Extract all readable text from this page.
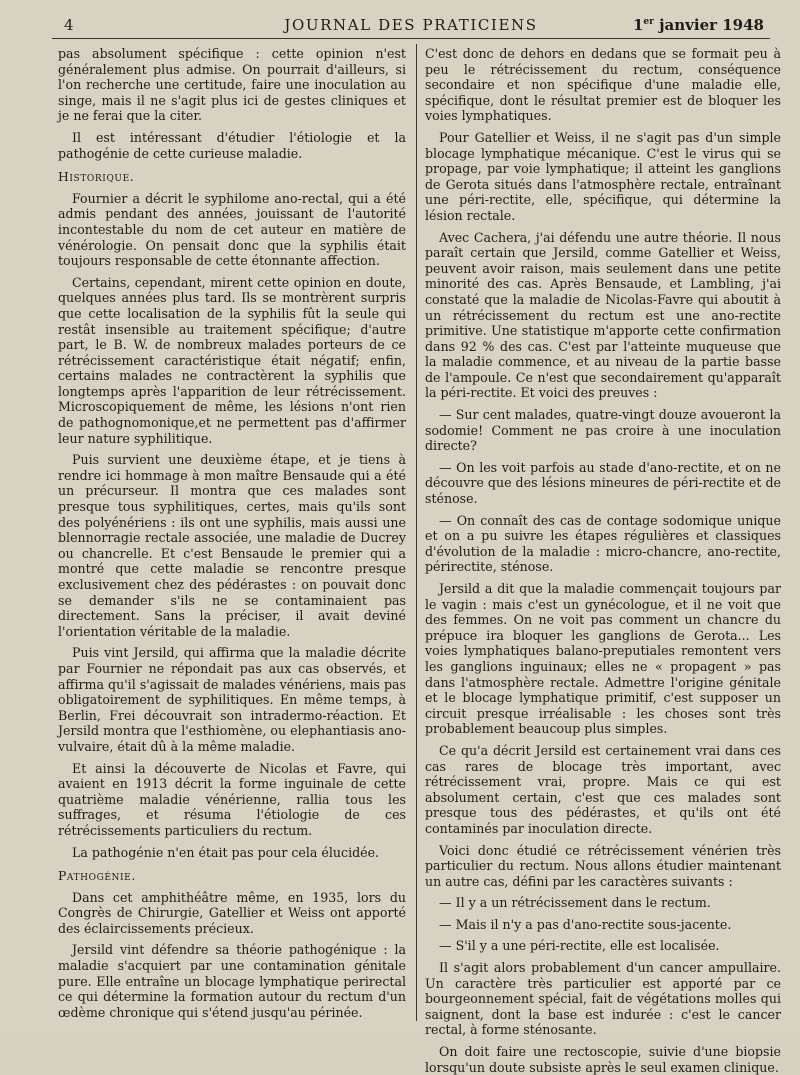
4	JOURNAL DES PRATICIENS	1er janvier 1948

pas absolument spécifique : cette opinion n'est généralement plus admise. On pourrait d'ailleurs, si l'on recherche une certitude, faire une inoculation au singe, mais il ne s'agit plus ici de gestes cliniques et je ne ferai que la citer.

Il est intéressant d'étudier l'étiologie et la pathogénie de cette curieuse maladie.

Historique.

Fournier a décrit le syphilome ano-rectal, qui a été admis pendant des années, jouissant de l'autorité incontestable du nom de cet auteur en matière de vénérologie. On pensait donc que la syphilis était toujours responsable de cette étonnante affection.

Certains, cependant, mirent cette opinion en doute, quelques années plus tard. Ils se montrèrent surpris que cette localisation de la syphilis fût la seule qui restât insensible au traitement spécifique; d'autre part, le B. W. de nombreux malades porteurs de ce rétrécissement caractéristique était négatif; enfin, certains malades ne contractèrent la syphilis que longtemps après l'apparition de leur rétrécissement. Microscopiquement de même, les lésions n'ont rien de pathognomonique,et ne permettent pas d'affirmer leur nature syphilitique.

Puis survient une deuxième étape, et je tiens à rendre ici hommage à mon maître Bensaude qui a été un précurseur. Il montra que ces malades sont presque tous syphilitiques, certes, mais qu'ils sont des polyénériens : ils ont une syphilis, mais aussi une blennorragie rectale associée, une maladie de Ducrey ou chancrelle. Et c'est Bensaude le premier qui a montré que cette maladie se rencontre presque exclusivement chez des pédérastes : on pouvait donc se demander s'ils ne se contaminaient pas directement. Sans la préciser, il avait deviné l'orientation véritable de la maladie.

Puis vint Jersild, qui affirma que la maladie décrite par Fournier ne répondait pas aux cas observés, et affirma qu'il s'agissait de malades vénériens, mais pas obligatoirement de syphilitiques. En même temps, à Berlin, Frei découvrait son intradermo-réaction. Et Jersild montra que l'esthiomène, ou elephantiasis ano-vulvaire, était dû à la même maladie.

Et ainsi la découverte de Nicolas et Favre, qui avaient en 1913 décrit la forme inguinale de cette quatrième maladie vénérienne, rallia tous les suffrages, et résuma l'étiologie de ces rétrécissements particuliers du rectum.

La pathogénie n'en était pas pour cela élucidée.

Pathogénie.

Dans cet amphithéâtre même, en 1935, lors du Congrès de Chirurgie, Gatellier et Weiss ont apporté des éclaircissements précieux.

Jersild vint défendre sa théorie pathogénique : la maladie s'acquiert par une contamination génitale pure. Elle entraîne un blocage lymphatique perirectal ce qui détermine la formation autour du rectum d'un œdème chronique qui s'étend jusqu'au périnée.

C'est donc de dehors en dedans que se formait peu à peu le rétrécissement du rectum, conséquence secondaire et non spécifique d'une maladie elle, spécifique, dont le résultat premier est de bloquer les voies lymphatiques.

Pour Gatellier et Weiss, il ne s'agit pas d'un simple blocage lymphatique mécanique. C'est le virus qui se propage, par voie lymphatique; il atteint les ganglions de Gerota situés dans l'atmosphère rectale, entraînant une péri-rectite, elle, spécifique, qui détermine la lésion rectale.

Avec Cachera, j'ai défendu une autre théorie. Il nous paraît certain que Jersild, comme Gatellier et Weiss, peuvent avoir raison, mais seulement dans une petite minorité des cas. Après Bensaude, et Lambling, j'ai constaté que la maladie de Nicolas-Favre qui aboutit à un rétrécissement du rectum est une ano-rectite primitive. Une statistique m'apporte cette confirmation dans 92 % des cas. C'est par l'atteinte muqueuse que la maladie commence, et au niveau de la partie basse de l'ampoule. Ce n'est que secondairement qu'apparaît la péri-rectite. Et voici des preuves :

— Sur cent malades, quatre-vingt douze avoueront la sodomie! Comment ne pas croire à une inoculation directe?

— On les voit parfois au stade d'ano-rectite, et on ne découvre que des lésions mineures de péri-rectite et de sténose.

— On connaît des cas de contage sodomique unique et on a pu suivre les étapes régulières et classiques d'évolution de la maladie : micro-chancre, ano-rectite, périrectite, sténose.

Jersild a dit que la maladie commençait toujours par le vagin : mais c'est un gynécologue, et il ne voit que des femmes. On ne voit pas comment un chancre du prépuce ira bloquer les ganglions de Gerota... Les voies lymphatiques balano-preputiales remontent vers les ganglions inguinaux; elles ne « propagent » pas dans l'atmosphère rectale. Admettre l'origine génitale et le blocage lymphatique primitif, c'est supposer un circuit presque irréalisable : les choses sont très probablement beaucoup plus simples.

Ce qu'a décrit Jersild est certainement vrai dans ces cas rares de blocage très important, avec rétrécissement vrai, propre. Mais ce qui est absolument certain, c'est que ces malades sont presque tous des pédérastes, et qu'ils ont été contaminés par inoculation directe.

Voici donc étudié ce rétrécissement vénérien très particulier du rectum. Nous allons étudier maintenant un autre cas, défini par les caractères suivants :

— Il y a un rétrécissement dans le rectum.

— Mais il n'y a pas d'ano-rectite sous-jacente.

— S'il y a une péri-rectite, elle est localisée.

Il s'agit alors probablement d'un cancer ampullaire. Un caractère très particulier est apporté par ce bourgeonnement spécial, fait de végétations molles qui saignent, dont la base est indurée : c'est le cancer rectal, à forme sténosante.

On doit faire une rectoscopie, suivie d'une biopsie lorsqu'un doute subsiste après le seul examen clinique.
